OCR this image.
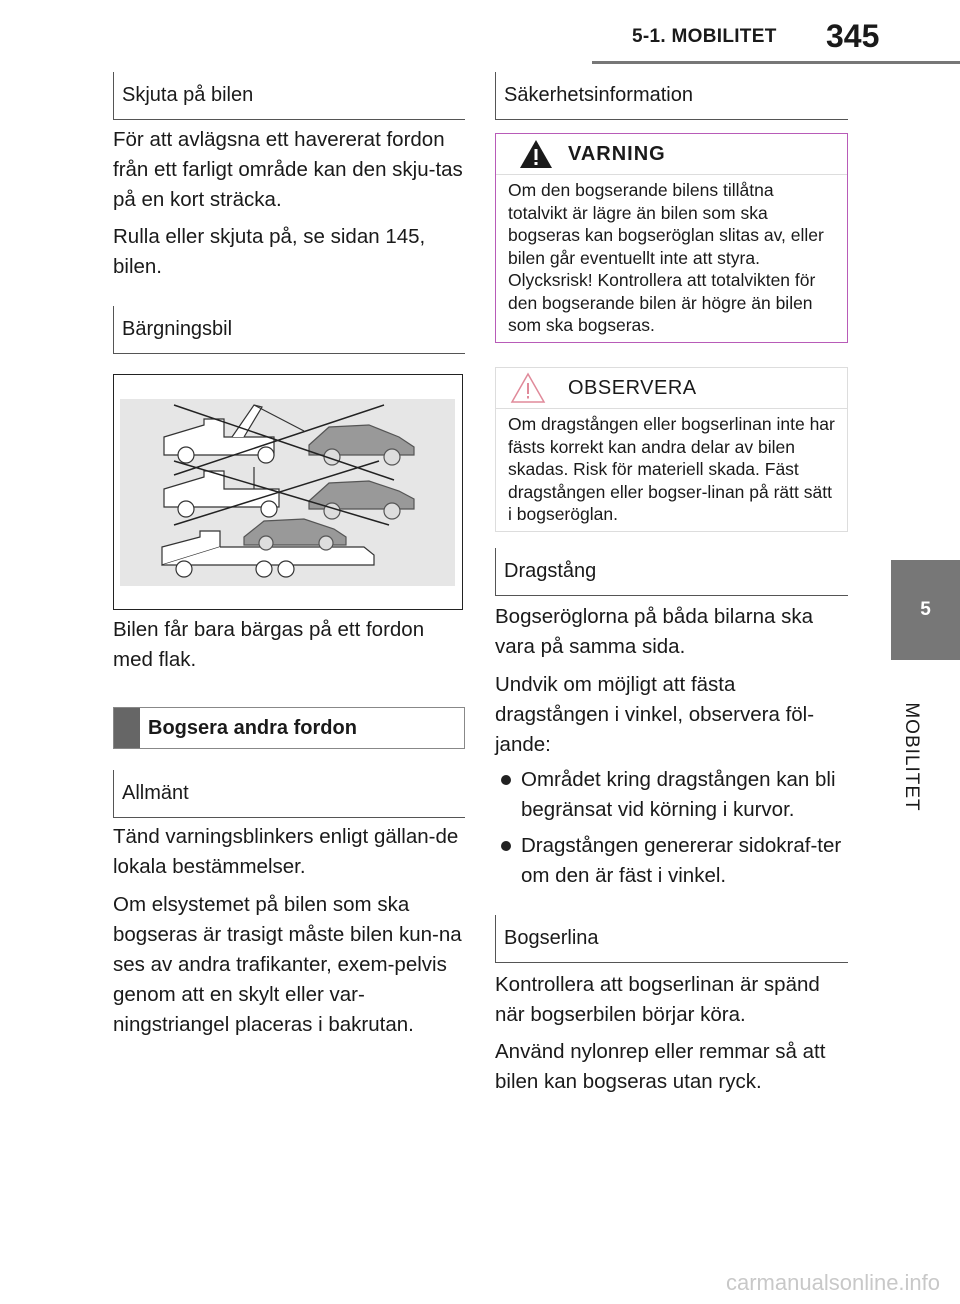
5-1. MOBILITET 345
5
MOBILITET
Skjuta på bilen

För att avlägsna ett havererat fordon från ett farligt område kan den skju-tas på en kort sträcka.

Rulla eller skjuta på, se sidan 145, bilen.

Bärgningsbil

Bilen får bara bärgas på ett fordon med flak.

Bogsera andra fordon
Allmänt

Tänd varningsblinkers enligt gällan-de lokala bestämmelser.

Om elsystemet på bilen som ska bogseras är trasigt måste bilen kun-na ses av andra trafikanter, exem-pelvis genom att en skylt eller var-ningstriangel placeras i bakrutan.

Säkerhetsinformation
VARNING

Om den bogserande bilens tillåtna totalvikt är lägre än bilen som ska bogseras kan bogseröglan slitas av, eller bilen går eventuellt inte att styra. Olycksrisk! Kontrollera att totalvikten för den bogserande bilen är högre än bilen som ska bogseras.

OBSERVERA

Om dragstången eller bogserlinan inte har fästs korrekt kan andra delar av bilen skadas. Risk för materiell skada. Fäst dragstången eller bogser-linan på rätt sätt i bogseröglan.

Dragstång

Bogseröglorna på båda bilarna ska vara på samma sida.

Undvik om möjligt att fästa dragstången i vinkel, observera föl-jande:

Området kring dragstången kan bli begränsat vid körning i kurvor.
Dragstången genererar sidokraf-ter om den är fäst i vinkel.
Bogserlina

Kontrollera att bogserlinan är spänd när bogserbilen börjar köra.

Använd nylonrep eller remmar så att bilen kan bogseras utan ryck.

carmanualsonline.info
